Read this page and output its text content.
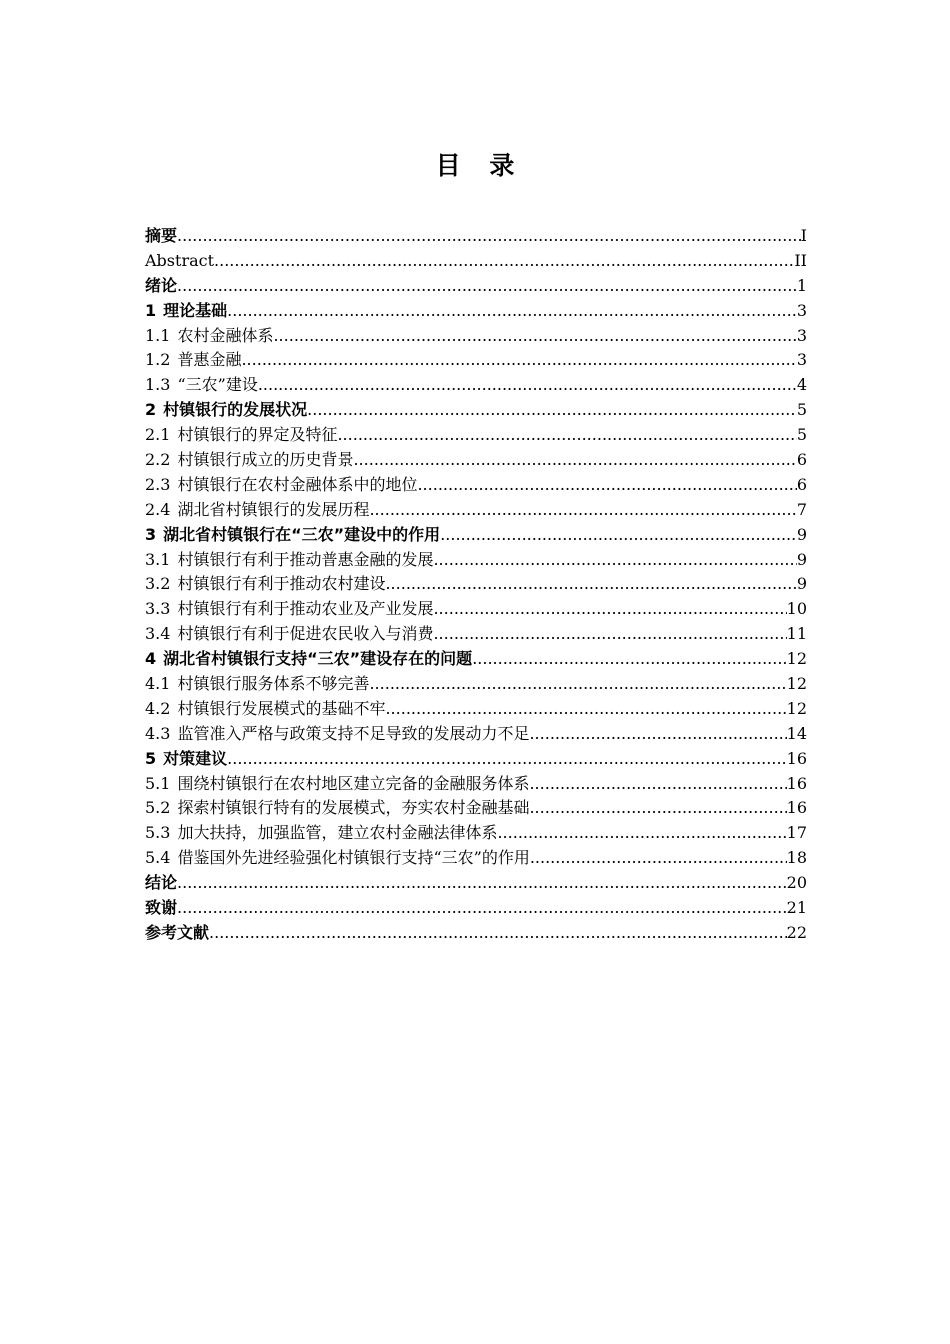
目 录
摘要 .....	I
Abstract .....	II
绪论 .....	1
1 理论基础 .....	3
1.1 农村金融体系 .....	3
1.2 普惠金融 .....	3
1.3 “三农”建设 .....	4
2 村镇银行的发展状况 .....	5
2.1 村镇银行的界定及特征 .....	5
2.2 村镇银行成立的历史背景 .....	6
2.3 村镇银行在农村金融体系中的地位 .....	6
2.4 湖北省村镇银行的发展历程 .....	7
3 湖北省村镇银行在“三农”建设中的作用 .....	9
3.1 村镇银行有利于推动普惠金融的发展 .....	9
3.2 村镇银行有利于推动农村建设 .....	9
3.3 村镇银行有利于推动农业及产业发展 .....	10
3.4 村镇银行有利于促进农民收入与消费 .....	11
4 湖北省村镇银行支持“三农”建设存在的问题 .....	12
4.1 村镇银行服务体系不够完善 .....	12
4.2 村镇银行发展模式的基础不牢 .....	12
4.3 监管准入严格与政策支持不足导致的发展动力不足 .....	14
5 对策建议 .....	16
5.1 围绕村镇银行在农村地区建立完备的金融服务体系 .....	16
5.2 探索村镇银行特有的发展模式，夯实农村金融基础 .....	16
5.3 加大扶持，加强监管，建立农村金融法律体系 .....	17
5.4 借鉴国外先进经验强化村镇银行支持“三农”的作用 .....	18
结论 .....	20
致谢 .....	21
参考文献 .....	22
